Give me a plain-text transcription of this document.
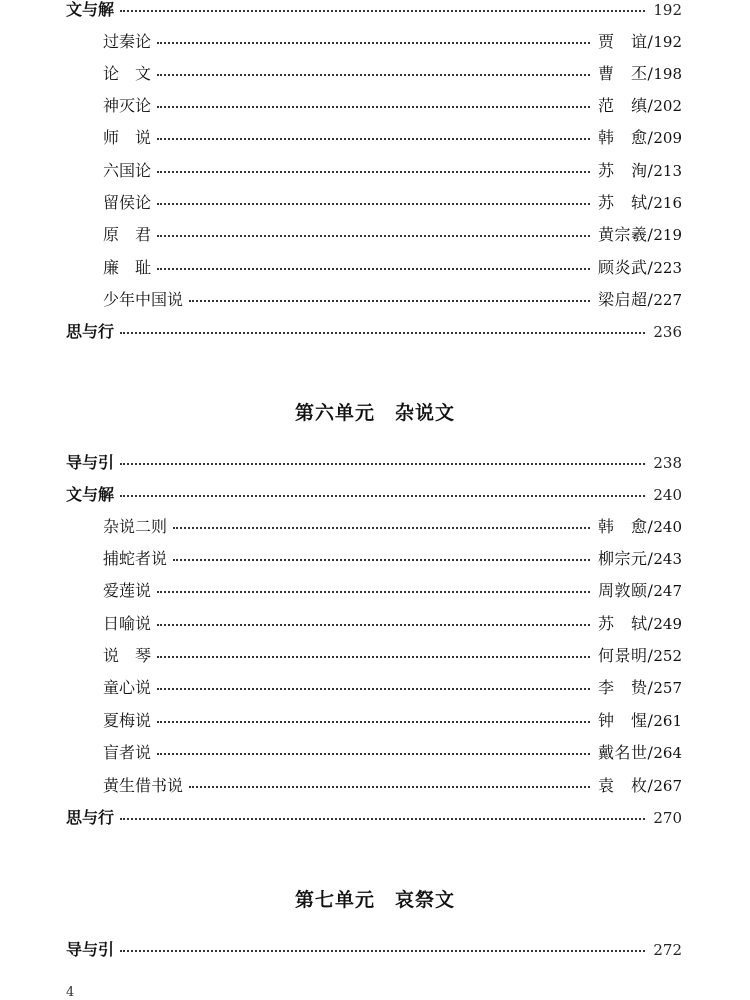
文与解	192
过秦论	贾　谊/ 192
论　文	曹　丕/ 198
神灭论	范　缜/ 202
师　说	韩　愈/ 209
六国论	苏　洵/ 213
留侯论	苏　轼/ 216
原　君	黄宗羲/ 219
廉　耻	顾炎武/ 223
少年中国说	梁启超/ 227
思与行	236
第六单元　杂说文
导与引	238
文与解	240
杂说二则	韩　愈/ 240
捕蛇者说	柳宗元/ 243
爱莲说	周敦颐/ 247
日喻说	苏　轼/ 249
说　琴	何景明/ 252
童心说	李　贽/ 257
夏梅说	钟　惺/ 261
盲者说	戴名世/ 264
黄生借书说	袁　枚/ 267
思与行	270
第七单元　哀祭文
导与引	272
4
